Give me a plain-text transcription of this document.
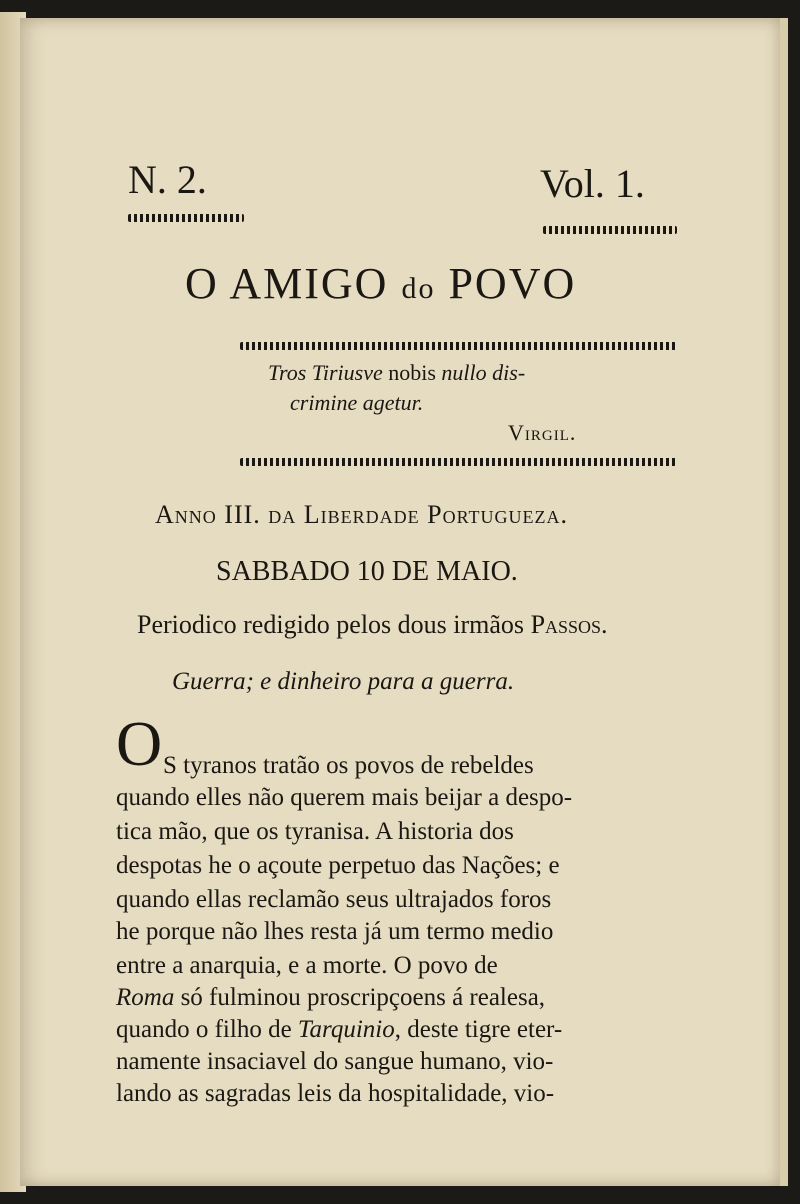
N. 2.	Vol. 1.
O AMIGO do POVO
Tros Tiriusve nobis nullo dis-
crimine agetur.
Virgil.
Anno III. da Liberdade Portugueza.
SABBADO 10 DE MAIO.
Periodico redigido pelos dous irmãos Passos.
Guerra; e dinheiro para a guerra.
O S tyranos tratão os povos de rebeldes
quando elles não querem mais beijar a despo-
tica mão, que os tyranisa. A historia dos
despotas he o açoute perpetuo das Nações; e
quando ellas reclamão seus ultrajados foros
he porque não lhes resta já um termo medio
entre a anarquia, e a morte. O povo de
Roma só fulminou proscripçoens á realesa,
quando o filho de Tarquinio, deste tigre eter-
namente insaciavel do sangue humano, vio-
lando as sagradas leis da hospitalidade, vio-
